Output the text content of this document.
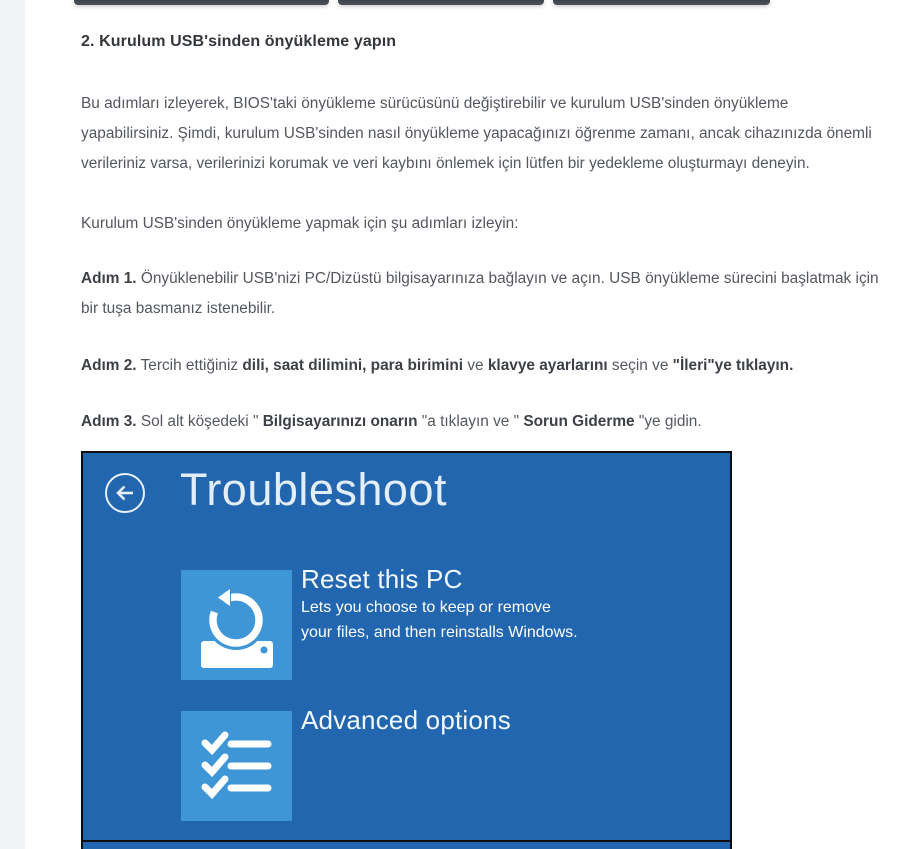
2. Kurulum USB'sinden önyükleme yapın

Bu adımları izleyerek, BIOS'taki önyükleme sürücüsünü değiştirebilir ve kurulum USB'sinden önyükleme yapabilirsiniz. Şimdi, kurulum USB'sinden nasıl önyükleme yapacağınızı öğrenme zamanı, ancak cihazınızda önemli verileriniz varsa, verilerinizi korumak ve veri kaybını önlemek için lütfen bir yedekleme oluşturmayı deneyin.

Kurulum USB'sinden önyükleme yapmak için şu adımları izleyin:

Adım 1. Önyüklenebilir USB'nizi PC/Dizüstü bilgisayarınıza bağlayın ve açın. USB önyükleme sürecini başlatmak için bir tuşa basmanız istenebilir.

Adım 2. Tercih ettiğiniz dili, saat dilimini, para birimini ve klavye ayarlarını seçin ve "İleri"ye tıklayın.

Adım 3. Sol alt köşedeki " Bilgisayarınızı onarın "a tıklayın ve " Sorun Giderme "ye gidin.

Troubleshoot
Reset this PC
Lets you choose to keep or remove
your files, and then reinstalls Windows.
Advanced options
